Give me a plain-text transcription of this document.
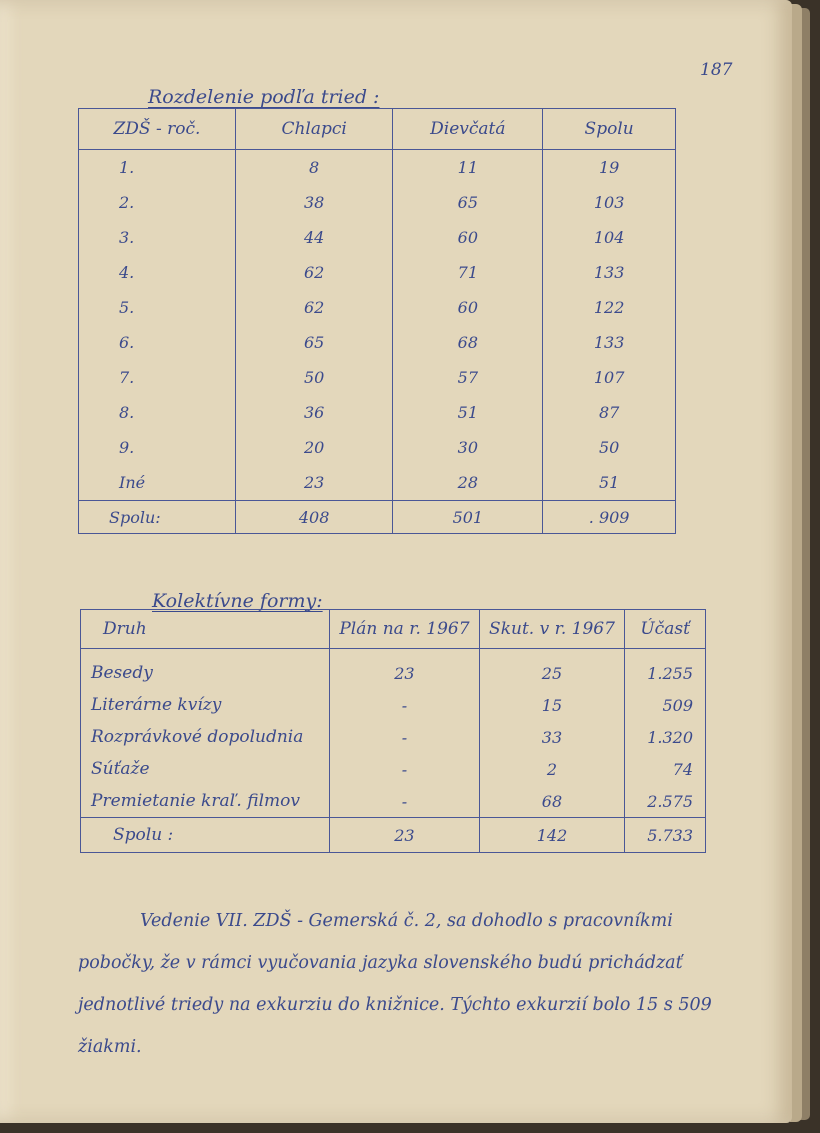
187
Rozdelenie podľa tried :
ZDŠ - roč.	Chlapci	Dievčatá	Spolu
1.	8	11	19
2.	38	65	103
3.	44	60	104
4.	62	71	133
5.	62	60	122
6.	65	68	133
7.	50	57	107
8.	36	51	87
9.	20	30	50
Iné	23	28	51
Spolu:	408	501	. 909
Kolektívne formy:
Druh	Plán na r. 1967	Skut. v r. 1967	Účasť
Besedy	23	25	1.255
Literárne kvízy	-	15	509
Rozprávkové dopoludnia	-	33	1.320
Súťaže	-	2	74
Premietanie kraľ. filmov	-	68	2.575
Spolu :	23	142	5.733
Vedenie VII. ZDŠ - Gemerská č. 2, sa dohodlo s pracovníkmi pobočky, že v rámci vyučovania jazyka slovenského budú prichádzať jednotlivé triedy na exkurziu do knižnice. Týchto exkurzií bolo 15 s 509 žiakmi.
